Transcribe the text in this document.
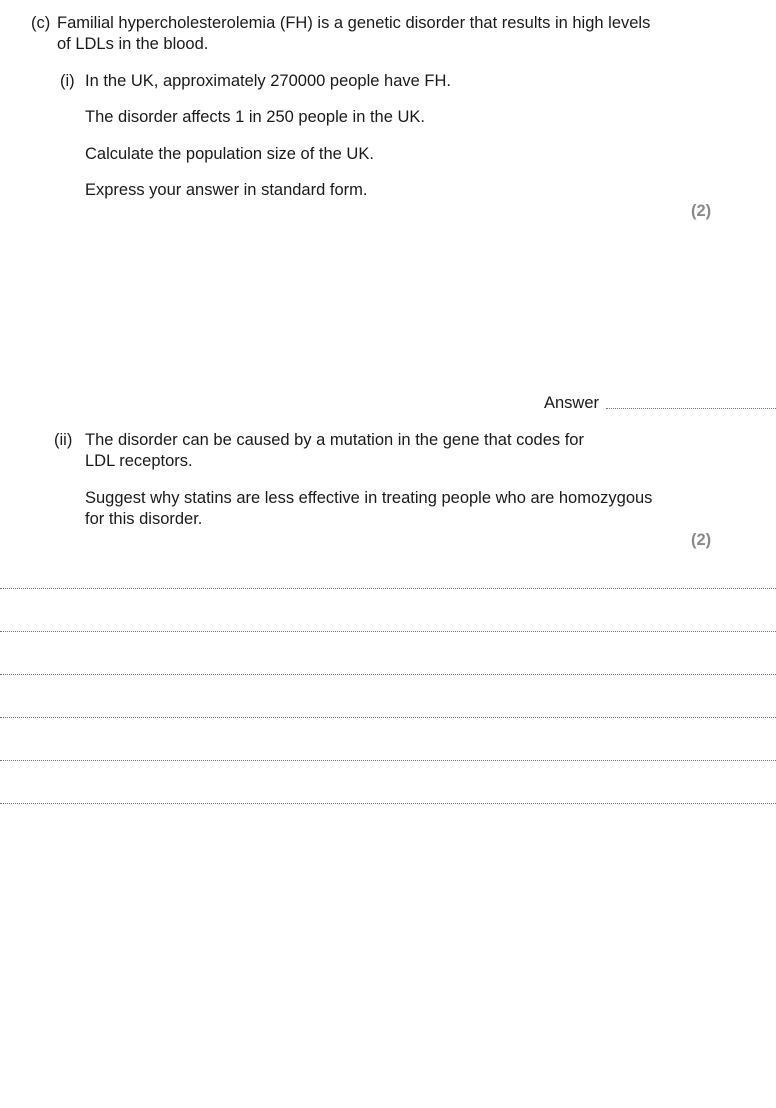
(c) Familial hypercholesterolemia (FH) is a genetic disorder that results in high levels
of LDLs in the blood.
(i) In the UK, approximately 270000 people have FH.
The disorder affects 1 in 250 people in the UK.
Calculate the population size of the UK.
Express your answer in standard form.
(2)
Answer
(ii) The disorder can be caused by a mutation in the gene that codes for
LDL receptors.
Suggest why statins are less effective in treating people who are homozygous
for this disorder.
(2)
